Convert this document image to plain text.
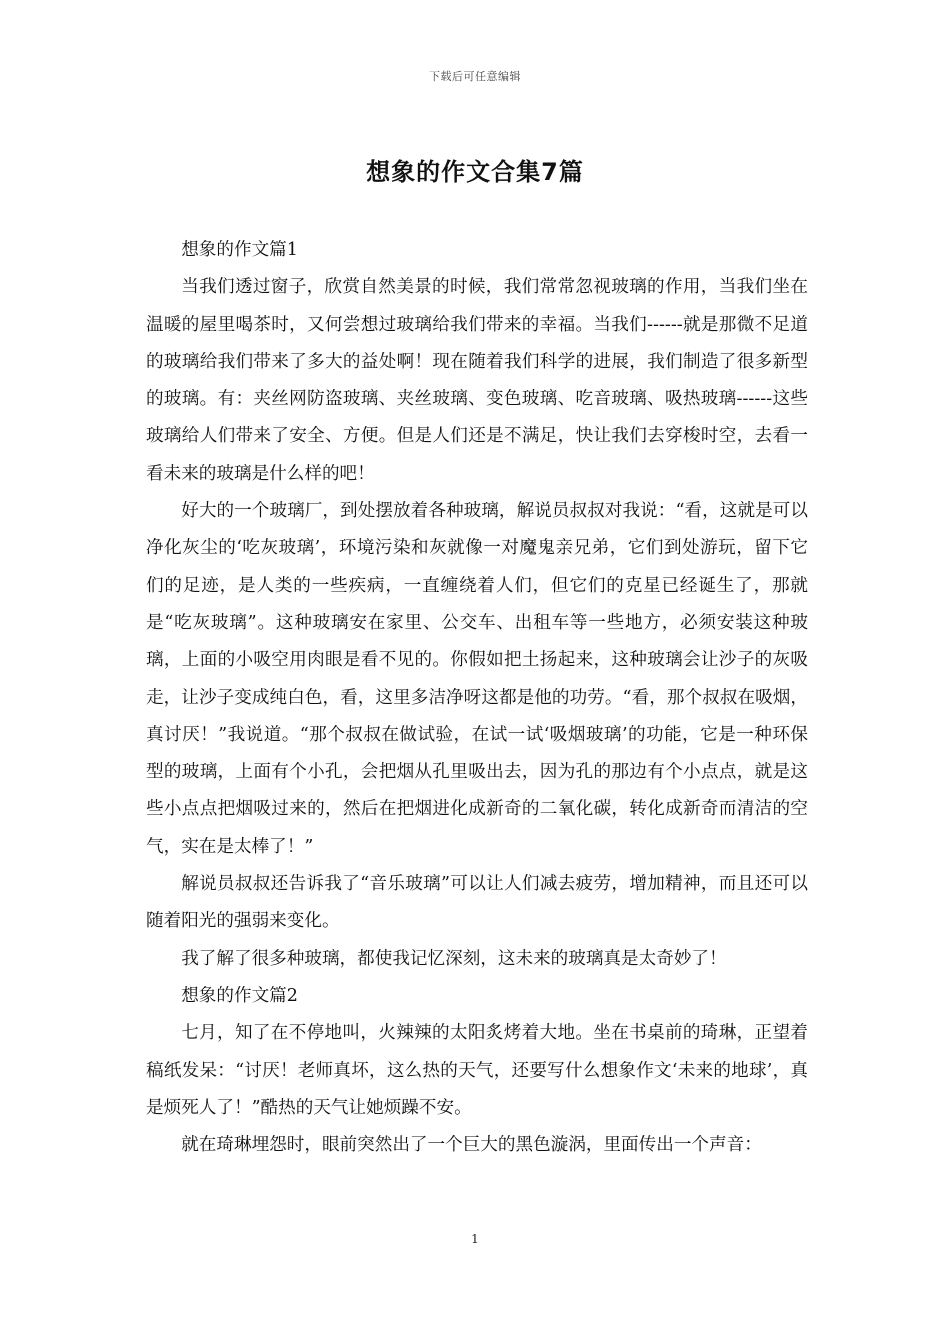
下载后可任意编辑
想象的作文合集7篇

想象的作文篇1

当我们透过窗子，欣赏自然美景的时候，我们常常忽视玻璃的作用，当我们坐在温暖的屋里喝茶时，又何尝想过玻璃给我们带来的幸福。当我们------就是那微不足道的玻璃给我们带来了多大的益处啊！现在随着我们科学的进展，我们制造了很多新型的玻璃。有：夹丝网防盗玻璃、夹丝玻璃、变色玻璃、吃音玻璃、吸热玻璃------这些玻璃给人们带来了安全、方便。但是人们还是不满足，快让我们去穿梭时空，去看一看未来的玻璃是什么样的吧！

好大的一个玻璃厂，到处摆放着各种玻璃，解说员叔叔对我说：“看，这就是可以净化灰尘的‘吃灰玻璃’，环境污染和灰就像一对魔鬼亲兄弟，它们到处游玩，留下它们的足迹，是人类的一些疾病，一直缠绕着人们，但它们的克星已经诞生了，那就是“吃灰玻璃”。这种玻璃安在家里、公交车、出租车等一些地方，必须安装这种玻璃，上面的小吸空用肉眼是看不见的。你假如把土扬起来，这种玻璃会让沙子的灰吸走，让沙子变成纯白色，看，这里多洁净呀这都是他的功劳。“看，那个叔叔在吸烟，真讨厌！”我说道。“那个叔叔在做试验，在试一试‘吸烟玻璃’的功能，它是一种环保型的玻璃，上面有个小孔，会把烟从孔里吸出去，因为孔的那边有个小点点，就是这些小点点把烟吸过来的，然后在把烟进化成新奇的二氧化碳，转化成新奇而清洁的空气，实在是太棒了！”

解说员叔叔还告诉我了“音乐玻璃”可以让人们减去疲劳，增加精神，而且还可以随着阳光的强弱来变化。

我了解了很多种玻璃，都使我记忆深刻，这未来的玻璃真是太奇妙了！

想象的作文篇2

七月，知了在不停地叫，火辣辣的太阳炙烤着大地。坐在书桌前的琦琳，正望着稿纸发呆：“讨厌！老师真坏，这么热的天气，还要写什么想象作文‘未来的地球’，真是烦死人了！”酷热的天气让她烦躁不安。

就在琦琳埋怨时，眼前突然出了一个巨大的黑色漩涡，里面传出一个声音：

1
